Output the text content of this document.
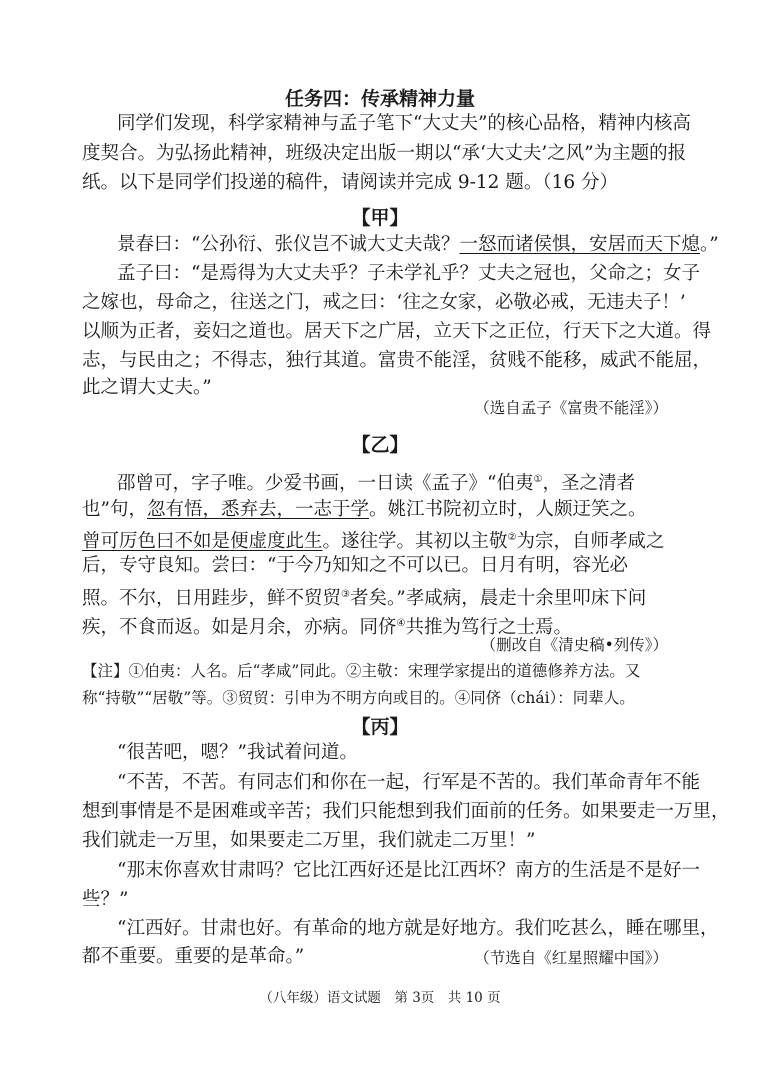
任务四：传承精神力量
同学们发现，科学家精神与孟子笔下“大丈夫”的核心品格，精神内核高
度契合。为弘扬此精神，班级决定出版一期以“承‘大丈夫’之风”为主题的报
纸。以下是同学们投递的稿件，请阅读并完成 9-12 题。（16 分）
【甲】
景春曰：“公孙衍、张仪岂不诚大丈夫哉？一怒而诸侯惧，安居而天下熄。”
孟子曰：“是焉得为大丈夫乎？子未学礼乎？丈夫之冠也，父命之；女子
之嫁也，母命之，往送之门，戒之曰：‘往之女家，必敬必戒，无违夫子！’
以顺为正者，妾妇之道也。居天下之广居，立天下之正位，行天下之大道。得
志，与民由之；不得志，独行其道。富贵不能淫，贫贱不能移，威武不能屈，
此之谓大丈夫。”
（选自孟子《富贵不能淫》）
【乙】
邵曾可，字子唯。少爱书画，一日读《孟子》“伯夷①，圣之清者
也”句，忽有悟，悉弃去，一志于学。姚江书院初立时，人颇迂笑之。
曾可厉色曰不如是便虚度此生。遂往学。其初以主敬②为宗，自师孝咸之
后，专守良知。尝曰：“于今乃知知之不可以已。日月有明，容光必
照。不尔，日用跬步，鲜不贸贸③者矣。”孝咸病，晨走十余里叩床下问
疾，不食而返。如是月余，亦病。同侪④共推为笃行之士焉。
（删改自《清史稿•列传》）
【注】①伯夷：人名。后“孝咸”同此。②主敬：宋理学家提出的道德修养方法。又
称“持敬”“居敬”等。③贸贸：引申为不明方向或目的。④同侪（chái）：同辈人。
【丙】
“很苦吧，嗯？”我试着问道。
“不苦，不苦。有同志们和你在一起，行军是不苦的。我们革命青年不能
想到事情是不是困难或辛苦；我们只能想到我们面前的任务。如果要走一万里，
我们就走一万里，如果要走二万里，我们就走二万里！”
“那末你喜欢甘肃吗？它比江西好还是比江西坏？南方的生活是不是好一
些？”
“江西好。甘肃也好。有革命的地方就是好地方。我们吃甚么，睡在哪里，
都不重要。重要的是革命。”	（节选自《红星照耀中国》）
（八年级）语文试题　第 3页　共 10 页
